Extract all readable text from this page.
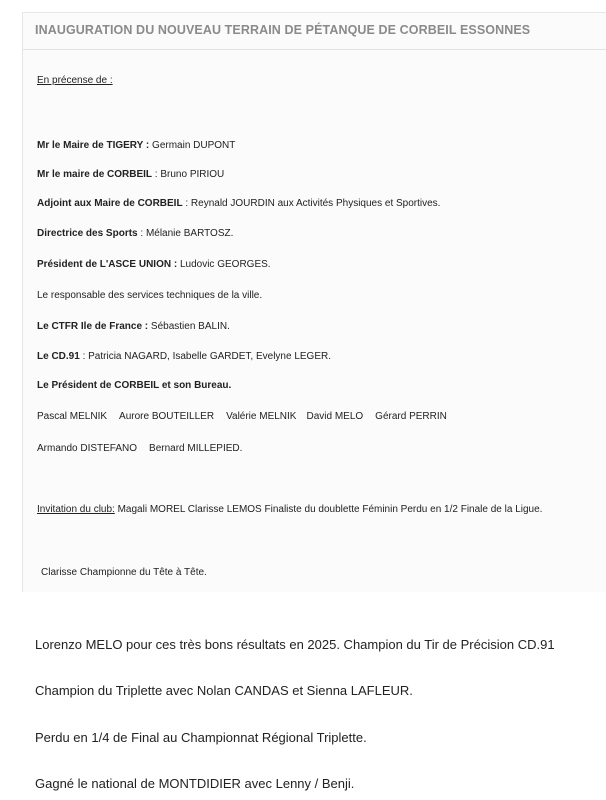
INAUGURATION DU NOUVEAU TERRAIN DE PÉTANQUE DE CORBEIL ESSONNES
En précense de :
Mr le Maire de TIGERY : Germain DUPONT
Mr le maire de CORBEIL : Bruno PIRIOU
Adjoint aux Maire de CORBEIL : Reynald JOURDIN aux Activités Physiques et Sportives.
Directrice des Sports : Mélanie BARTOSZ.
Président de L'ASCE UNION : Ludovic GEORGES.
Le responsable des services techniques de la ville.
Le CTFR Ile de France : Sébastien BALIN.
Le CD.91 : Patricia NAGARD, Isabelle GARDET, Evelyne LEGER.
Le Président de CORBEIL et son Bureau.
Pascal MELNIK Aurore BOUTEILLER Valérie MELNIK David MELO Gérard PERRIN
Armando DISTEFANO Bernard MILLEPIED.
Invitation du club: Magali MOREL Clarisse LEMOS Finaliste du doublette Féminin Perdu en 1/2 Finale de la Ligue.
Clarisse Championne du Tête à Tête.
Lorenzo MELO pour ces très bons résultats en 2025. Champion du Tir de Précision CD.91
Champion du Triplette avec Nolan CANDAS et Sienna LAFLEUR.
Perdu en 1/4 de Final au Championnat Régional Triplette.
Gagné le national de MONTDIDIER avec Lenny / Benji.
